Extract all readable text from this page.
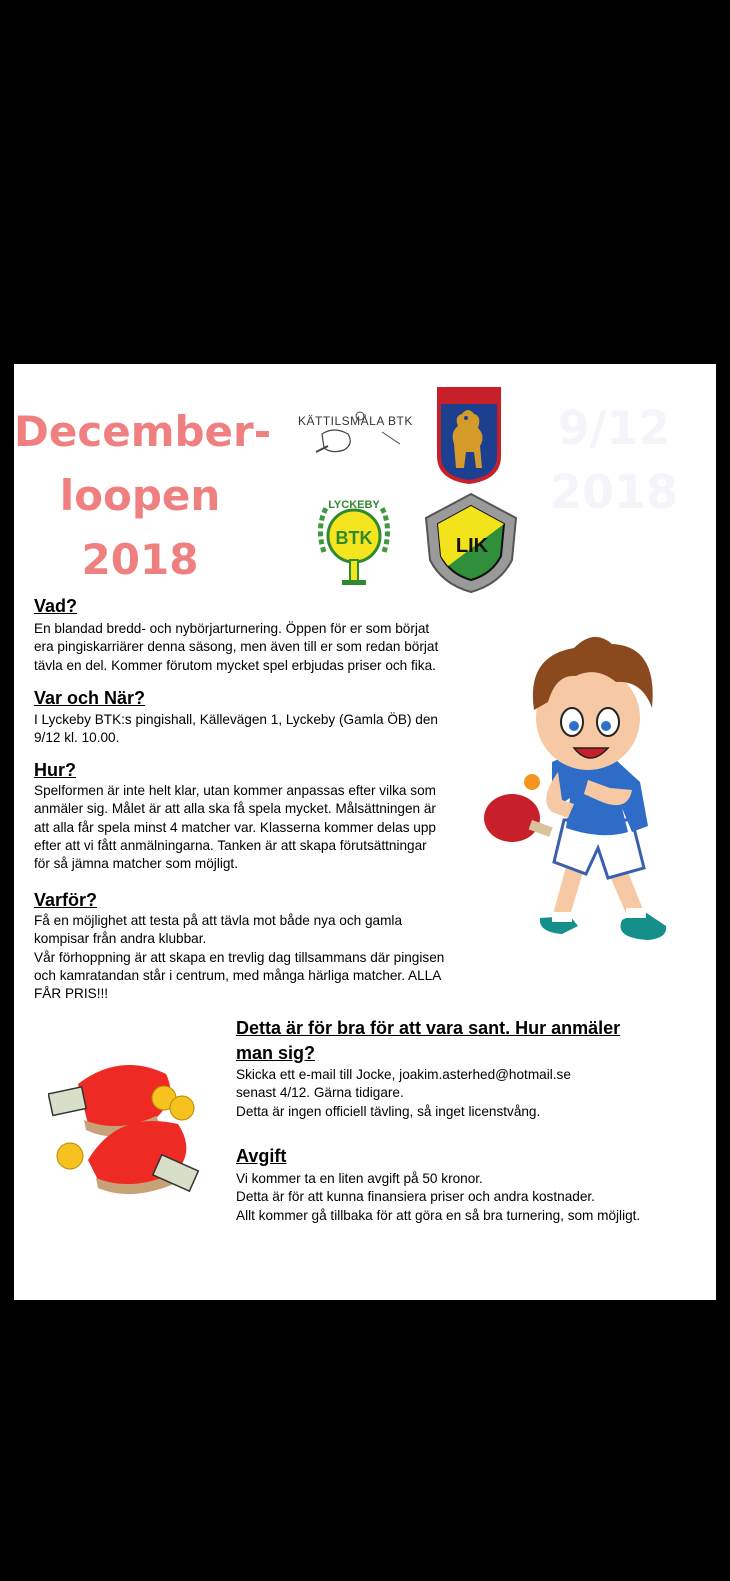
December-
loopen
2018
9/12
2018
KÄTTILSMÅLA BTK
LYCKEBY
BTK	LIK
Vad?
En blandad bredd- och nybörjarturnering. Öppen för er som börjat
era pingiskarriärer denna säsong, men även till er som redan börjat
tävla en del. Kommer förutom mycket spel erbjudas priser och fika.
Var och När?
I Lyckeby BTK:s pingishall, Källevägen 1, Lyckeby (Gamla ÖB) den
9/12 kl. 10.00.
Hur?
Spelformen är inte helt klar, utan kommer anpassas efter vilka som
anmäler sig. Målet är att alla ska få spela mycket. Målsättningen är
att alla får spela minst 4 matcher var. Klasserna kommer delas upp
efter att vi fått anmälningarna. Tanken är att skapa förutsättningar
för så jämna matcher som möjligt.
Varför?
Få en möjlighet att testa på att tävla mot både nya och gamla
kompisar från andra klubbar.
Vår förhoppning är att skapa en trevlig dag tillsammans där pingisen
och kamratandan står i centrum, med många härliga matcher. ALLA
FÅR PRIS!!!
Detta är för bra för att vara sant. Hur anmäler
man sig?
Skicka ett e-mail till Jocke, joakim.asterhed@hotmail.se
senast 4/12. Gärna tidigare.
Detta är ingen officiell tävling, så inget licenstvång.
Avgift
Vi kommer ta en liten avgift på 50 kronor.
Detta är för att kunna finansiera priser och andra kostnader.
Allt kommer gå tillbaka för att göra en så bra turnering, som möjligt.
